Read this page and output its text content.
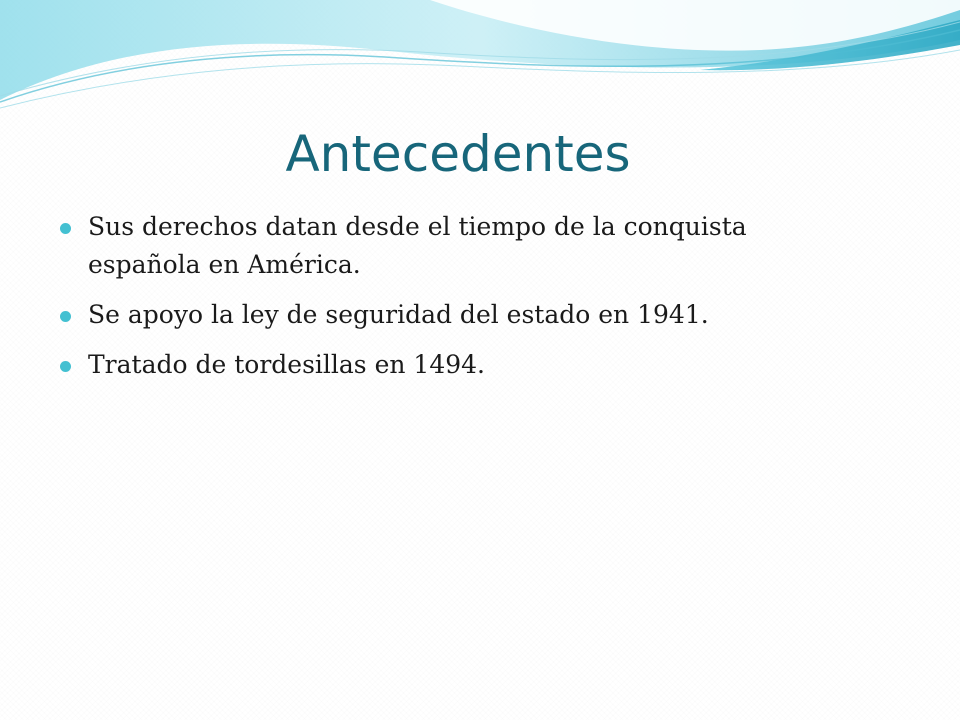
Antecedentes
Sus derechos datan desde el tiempo de la conquista española en América.
Se apoyo la ley de seguridad del estado en 1941.
Tratado de tordesillas en 1494.
